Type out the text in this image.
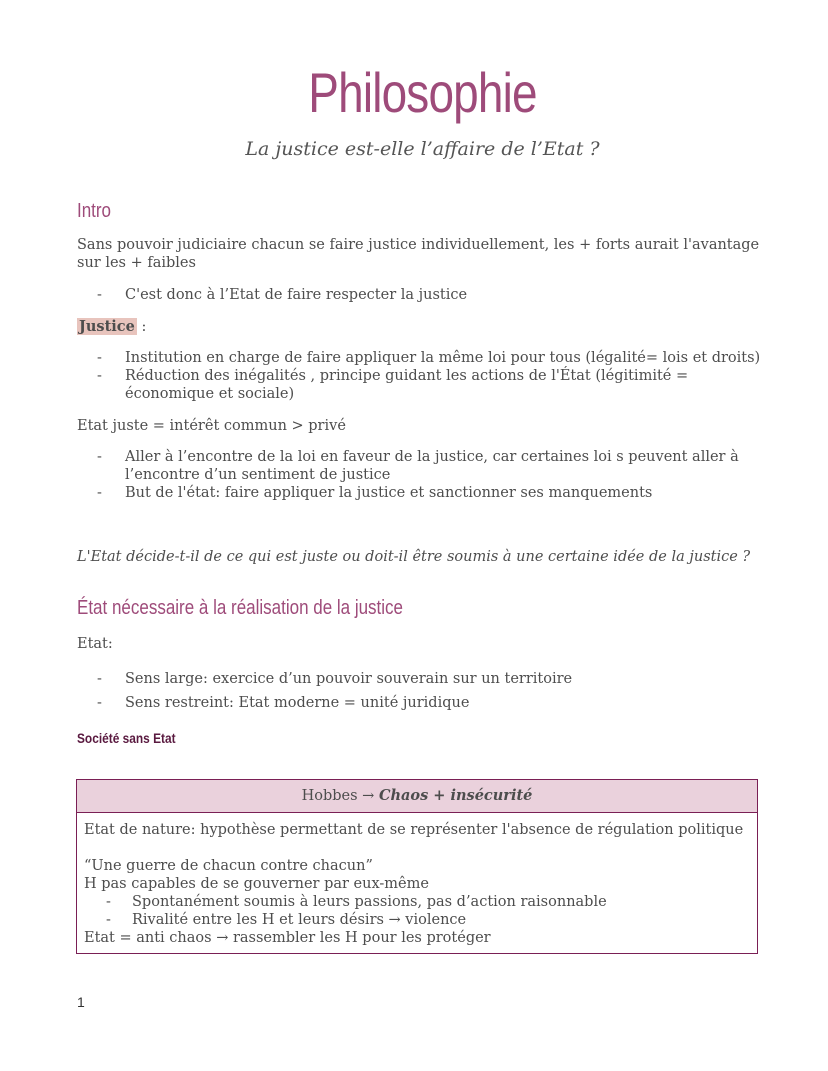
Philosophie
La justice est-elle l’affaire de l’Etat ?
Intro
Sans pouvoir judiciaire chacun se faire justice individuellement, les + forts aurait l'avantage sur les + faibles
- C'est donc à l’Etat de faire respecter la justice
Justice :
- Institution en charge de faire appliquer la même loi pour tous (légalité= lois et droits)
- Réduction des inégalités , principe guidant les actions de l'État (légitimité = économique et sociale)
Etat juste = intérêt commun > privé
- Aller à l’encontre de la loi en faveur de la justice, car certaines loi s peuvent aller à l’encontre d’un sentiment de justice
- But de l'état: faire appliquer la justice et sanctionner ses manquements
L'Etat décide-t-il de ce qui est juste ou doit-il être soumis à une certaine idée de la justice ?
État nécessaire à la réalisation de la justice
Etat:
- Sens large: exercice d’un pouvoir souverain sur un territoire
- Sens restreint: Etat moderne = unité juridique
Société sans Etat
Hobbes → Chaos + insécurité
Etat de nature: hypothèse permettant de se représenter l'absence de régulation politique
“Une guerre de chacun contre chacun”
H pas capables de se gouverner par eux-même
- Spontanément soumis à leurs passions, pas d’action raisonnable
- Rivalité entre les H et leurs désirs → violence
Etat = anti chaos → rassembler les H pour les protéger
1
